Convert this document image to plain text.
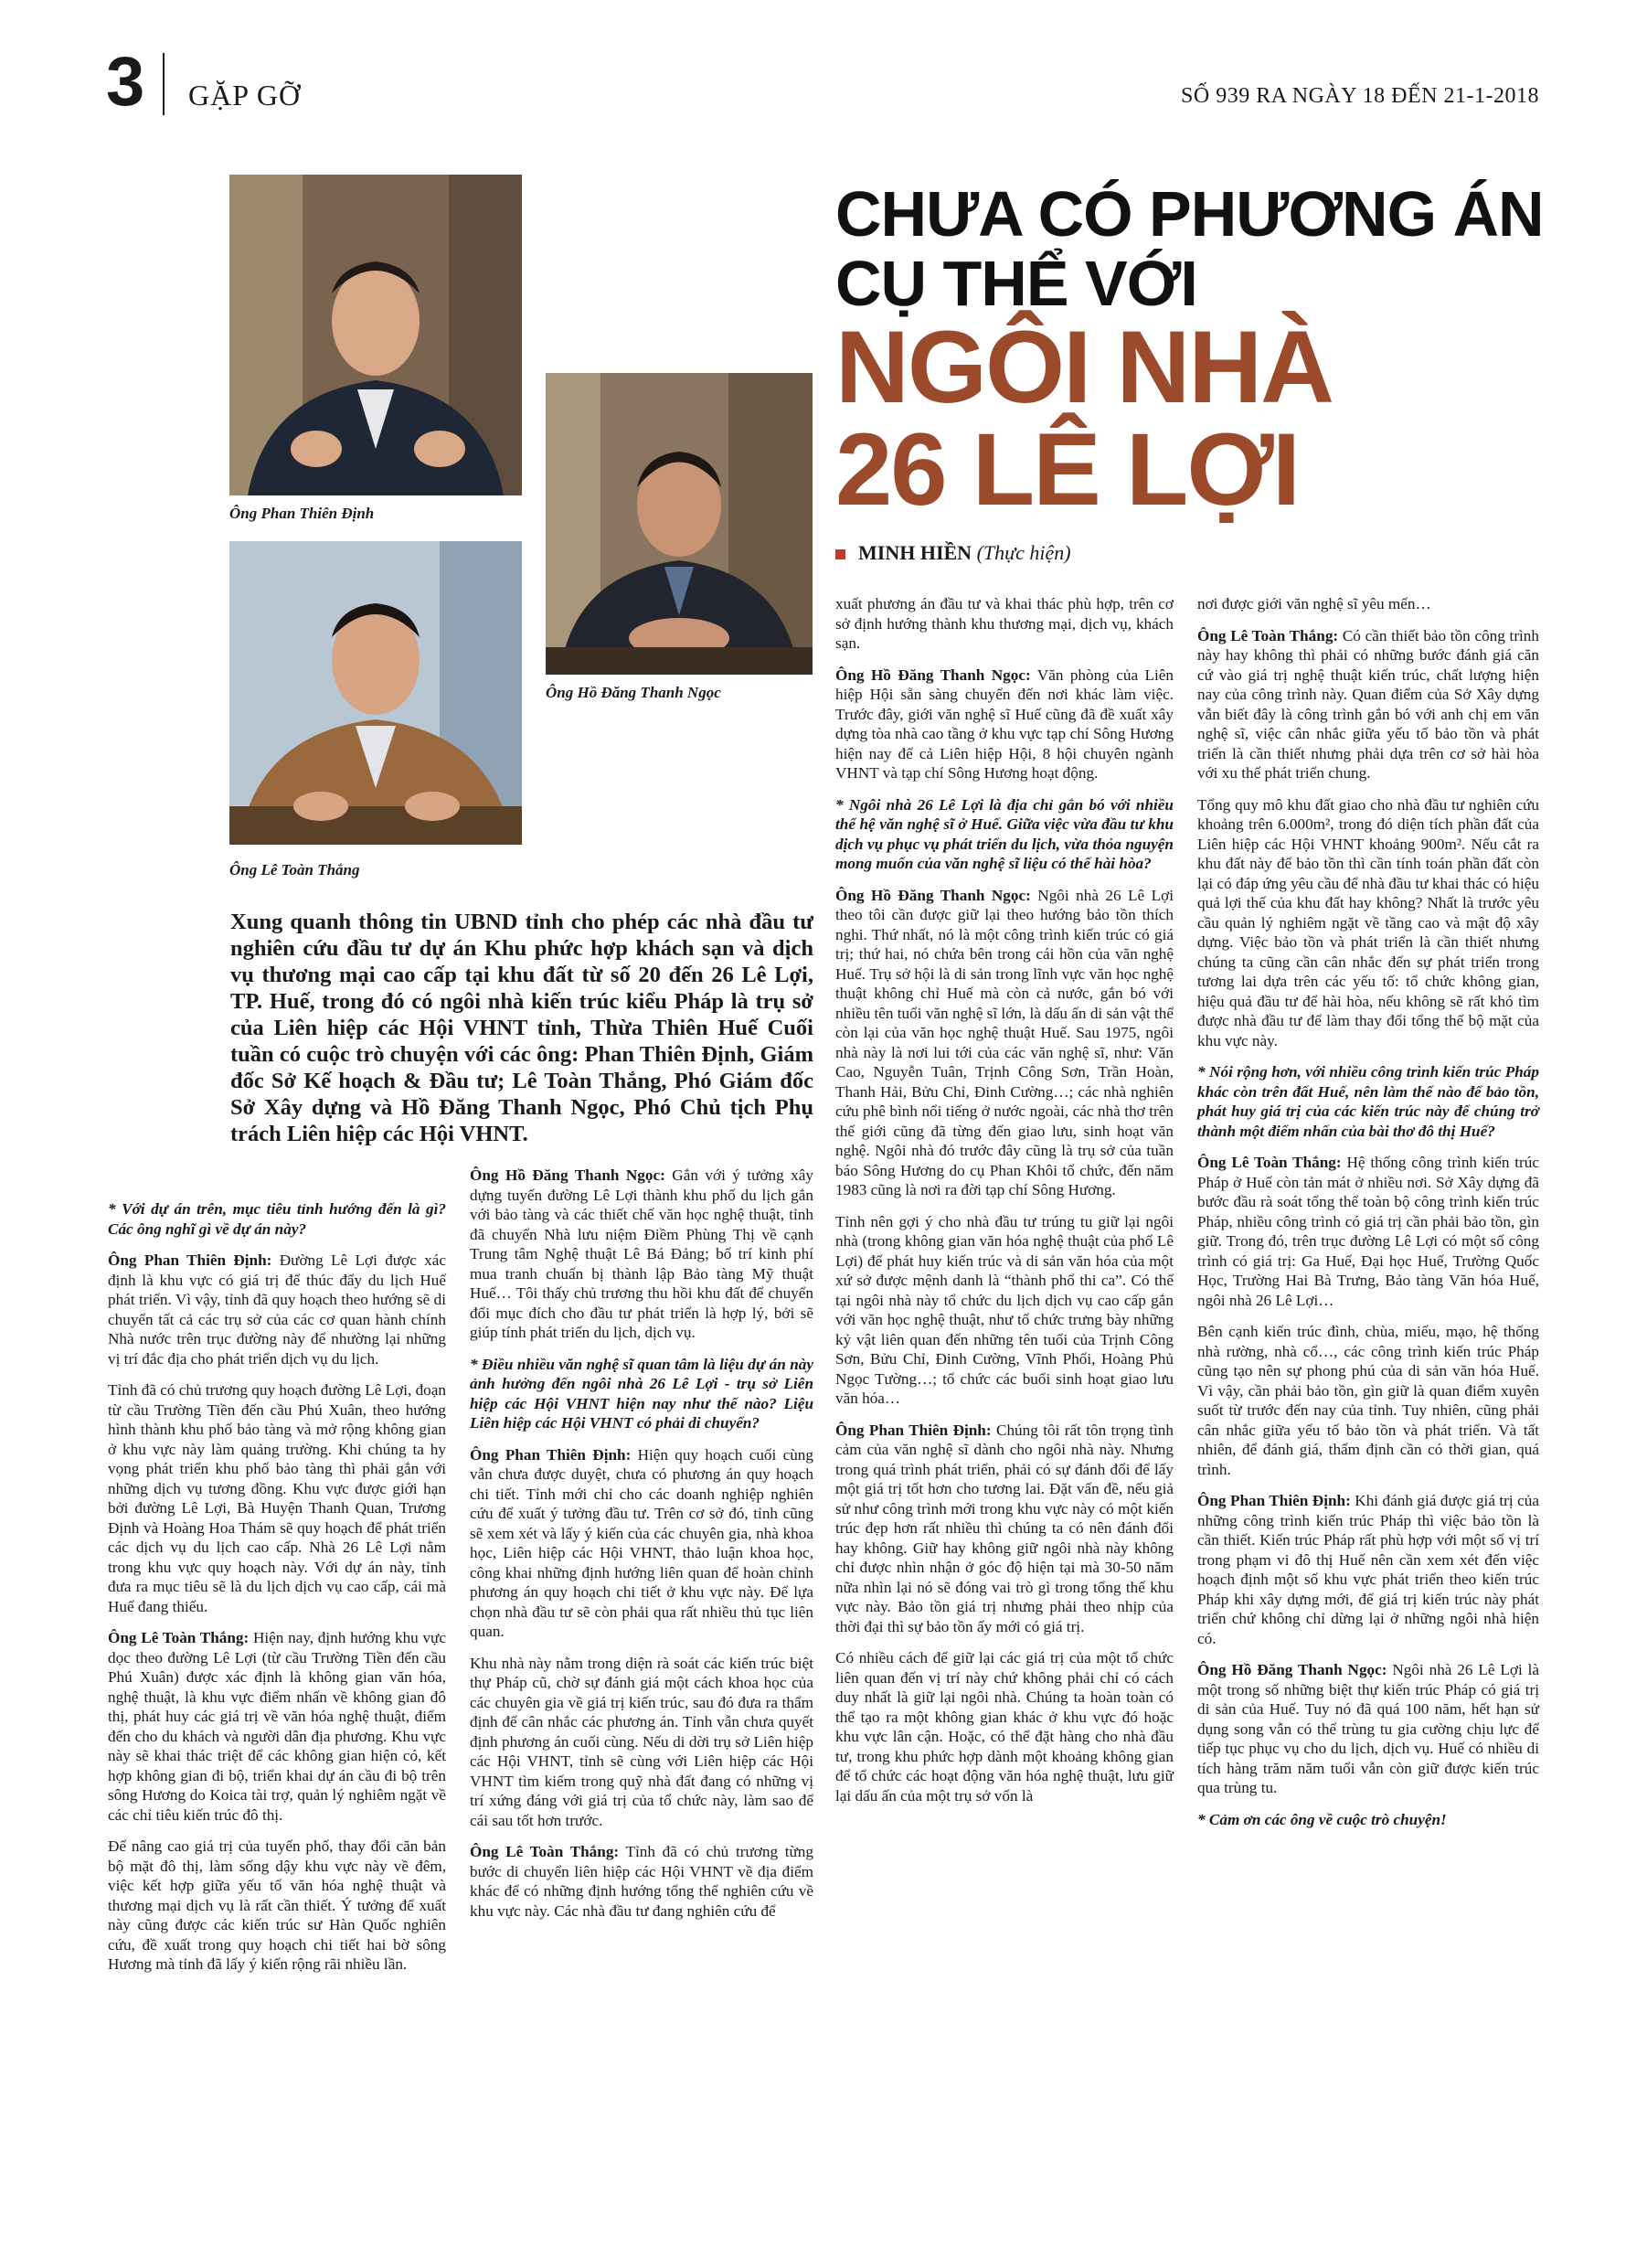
3 GẶP GỠ	SỐ 939 RA NGÀY 18 ĐẾN 21-1-2018
Ông Phan Thiên Định
Ông Hồ Đăng Thanh Ngọc
Ông Lê Toàn Thắng
CHƯA CÓ PHƯƠNG ÁN
CỤ THỂ VỚI
NGÔI NHÀ
26 LÊ LỢI
MINH HIỀN (Thực hiện)
Xung quanh thông tin UBND tỉnh cho phép các nhà đầu tư nghiên cứu đầu tư dự án Khu phức hợp khách sạn và dịch vụ thương mại cao cấp tại khu đất từ số 20 đến 26 Lê Lợi, TP. Huế, trong đó có ngôi nhà kiến trúc kiểu Pháp là trụ sở của Liên hiệp các Hội VHNT tỉnh, Thừa Thiên Huế Cuối tuần có cuộc trò chuyện với các ông: Phan Thiên Định, Giám đốc Sở Kế hoạch & Đầu tư; Lê Toàn Thắng, Phó Giám đốc Sở Xây dựng và Hồ Đăng Thanh Ngọc, Phó Chủ tịch Phụ trách Liên hiệp các Hội VHNT.

* Với dự án trên, mục tiêu tỉnh hướng đến là gì? Các ông nghĩ gì về dự án này?

Ông Phan Thiên Định: Đường Lê Lợi được xác định là khu vực có giá trị để thúc đẩy du lịch Huế phát triển. Vì vậy, tỉnh đã quy hoạch theo hướng sẽ di chuyển tất cả các trụ sở của các cơ quan hành chính Nhà nước trên trục đường này để nhường lại những vị trí đắc địa cho phát triển dịch vụ du lịch.

Tỉnh đã có chủ trương quy hoạch đường Lê Lợi, đoạn từ cầu Trường Tiền đến cầu Phú Xuân, theo hướng hình thành khu phố bảo tàng và mở rộng không gian ở khu vực này làm quảng trường. Khi chúng ta hy vọng phát triển khu phố bảo tàng thì phải gắn với những dịch vụ tương đồng. Khu vực được giới hạn bởi đường Lê Lợi, Bà Huyện Thanh Quan, Trương Định và Hoàng Hoa Thám sẽ quy hoạch để phát triển các dịch vụ du lịch cao cấp. Nhà 26 Lê Lợi nằm trong khu vực quy hoạch này. Với dự án này, tỉnh đưa ra mục tiêu sẽ là du lịch dịch vụ cao cấp, cái mà Huế đang thiếu.

Ông Lê Toàn Thắng: Hiện nay, định hướng khu vực dọc theo đường Lê Lợi (từ cầu Trường Tiền đến cầu Phú Xuân) được xác định là không gian văn hóa, nghệ thuật, là khu vực điểm nhấn về không gian đô thị, phát huy các giá trị về văn hóa nghệ thuật, điểm đến cho du khách và người dân địa phương. Khu vực này sẽ khai thác triệt để các không gian hiện có, kết hợp không gian đi bộ, triển khai dự án cầu đi bộ trên sông Hương do Koica tài trợ, quản lý nghiêm ngặt về các chỉ tiêu kiến trúc đô thị.

Để nâng cao giá trị của tuyến phố, thay đổi căn bản bộ mặt đô thị, làm sống dậy khu vực này về đêm, việc kết hợp giữa yếu tố văn hóa nghệ thuật và thương mại dịch vụ là rất cần thiết. Ý tưởng để xuất này cũng được các kiến trúc sư Hàn Quốc nghiên cứu, đề xuất trong quy hoạch chi tiết hai bờ sông Hương mà tỉnh đã lấy ý kiến rộng rãi nhiều lần.

Ông Hồ Đăng Thanh Ngọc: Gắn với ý tưởng xây dựng tuyến đường Lê Lợi thành khu phố du lịch gắn với bảo tàng và các thiết chế văn học nghệ thuật, tỉnh đã chuyển Nhà lưu niệm Điềm Phùng Thị về cạnh Trung tâm Nghệ thuật Lê Bá Đảng; bố trí kinh phí mua tranh chuẩn bị thành lập Bảo tàng Mỹ thuật Huế… Tôi thấy chủ trương thu hồi khu đất để chuyển đổi mục đích cho đầu tư phát triển là hợp lý, bởi sẽ giúp tính phát triển du lịch, dịch vụ.

* Điều nhiều văn nghệ sĩ quan tâm là liệu dự án này ảnh hưởng đến ngôi nhà 26 Lê Lợi - trụ sở Liên hiệp các Hội VHNT hiện nay như thế nào? Liệu Liên hiệp các Hội VHNT có phải di chuyển?

Ông Phan Thiên Định: Hiện quy hoạch cuối cùng vẫn chưa được duyệt, chưa có phương án quy hoạch chi tiết. Tỉnh mới chỉ cho các doanh nghiệp nghiên cứu để xuất ý tưởng đầu tư. Trên cơ sở đó, tỉnh cũng sẽ xem xét và lấy ý kiến của các chuyên gia, nhà khoa học, Liên hiệp các Hội VHNT, thảo luận khoa học, công khai những định hướng liên quan để hoàn chỉnh phương án quy hoạch chi tiết ở khu vực này. Để lựa chọn nhà đầu tư sẽ còn phải qua rất nhiều thủ tục liên quan.

Khu nhà này nằm trong diện rà soát các kiến trúc biệt thự Pháp cũ, chờ sự đánh giá một cách khoa học của các chuyên gia về giá trị kiến trúc, sau đó đưa ra thẩm định để cân nhắc các phương án. Tỉnh vẫn chưa quyết định phương án cuối cùng. Nếu di dời trụ sở Liên hiệp các Hội VHNT, tỉnh sẽ cùng với Liên hiệp các Hội VHNT tìm kiếm trong quỹ nhà đất đang có những vị trí xứng đáng với giá trị của tổ chức này, làm sao để cái sau tốt hơn trước.

Ông Lê Toàn Thắng: Tỉnh đã có chủ trương từng bước di chuyển liên hiệp các Hội VHNT về địa điểm khác để có những định hướng tổng thể nghiên cứu về khu vực này. Các nhà đầu tư đang nghiên cứu để

xuất phương án đầu tư và khai thác phù hợp, trên cơ sở định hướng thành khu thương mại, dịch vụ, khách sạn.

Ông Hồ Đăng Thanh Ngọc: Văn phòng của Liên hiệp Hội sẵn sàng chuyển đến nơi khác làm việc. Trước đây, giới văn nghệ sĩ Huế cũng đã đề xuất xây dựng tòa nhà cao tầng ở khu vực tạp chí Sông Hương hiện nay để cả Liên hiệp Hội, 8 hội chuyên ngành VHNT và tạp chí Sông Hương hoạt động.

* Ngôi nhà 26 Lê Lợi là địa chỉ gắn bó với nhiều thế hệ văn nghệ sĩ ở Huế. Giữa việc vừa đầu tư khu dịch vụ phục vụ phát triển du lịch, vừa thỏa nguyện mong muốn của văn nghệ sĩ liệu có thể hài hòa?

Ông Hồ Đăng Thanh Ngọc: Ngôi nhà 26 Lê Lợi theo tôi cần được giữ lại theo hướng bảo tồn thích nghi. Thứ nhất, nó là một công trình kiến trúc có giá trị; thứ hai, nó chứa bên trong cái hồn của văn nghệ Huế. Trụ sở hội là di sản trong lĩnh vực văn học nghệ thuật không chỉ Huế mà còn cả nước, gắn bó với nhiều tên tuổi văn nghệ sĩ lớn, là dấu ấn di sản vật thể còn lại của văn học nghệ thuật Huế. Sau 1975, ngôi nhà này là nơi lui tới của các văn nghệ sĩ, như: Văn Cao, Nguyễn Tuân, Trịnh Công Sơn, Trần Hoàn, Thanh Hải, Bửu Chỉ, Đinh Cường…; các nhà nghiên cứu phê bình nổi tiếng ở nước ngoài, các nhà thơ trên thế giới cũng đã từng đến giao lưu, sinh hoạt văn nghệ. Ngôi nhà đó trước đây cũng là trụ sở của tuần báo Sông Hương do cụ Phan Khôi tổ chức, đến năm 1983 cũng là nơi ra đời tạp chí Sông Hương.

Tỉnh nên gợi ý cho nhà đầu tư trúng tu giữ lại ngôi nhà (trong không gian văn hóa nghệ thuật của phố Lê Lợi) để phát huy kiến trúc và di sản văn hóa của một xứ sở được mệnh danh là “thành phố thi ca”. Có thể tại ngôi nhà này tổ chức du lịch dịch vụ cao cấp gắn với văn học nghệ thuật, như tổ chức trưng bày những kỷ vật liên quan đến những tên tuổi của Trịnh Công Sơn, Bửu Chỉ, Đinh Cường, Vĩnh Phối, Hoàng Phủ Ngọc Tường…; tổ chức các buổi sinh hoạt giao lưu văn hóa…

Ông Phan Thiên Định: Chúng tôi rất tôn trọng tình cảm của văn nghệ sĩ dành cho ngôi nhà này. Nhưng trong quá trình phát triển, phải có sự đánh đổi để lấy một giá trị tốt hơn cho tương lai. Đặt vấn đề, nếu giả sử như công trình mới trong khu vực này có một kiến trúc đẹp hơn rất nhiều thì chúng ta có nên đánh đổi hay không. Giữ hay không giữ ngôi nhà này không chỉ được nhìn nhận ở góc độ hiện tại mà 30-50 năm nữa nhìn lại nó sẽ đóng vai trò gì trong tổng thể khu vực này. Bảo tồn giá trị nhưng phải theo nhịp của thời đại thì sự bảo tồn ấy mới có giá trị.

Có nhiều cách để giữ lại các giá trị của một tổ chức liên quan đến vị trí này chứ không phải chỉ có cách duy nhất là giữ lại ngôi nhà. Chúng ta hoàn toàn có thể tạo ra một không gian khác ở khu vực đó hoặc khu vực lân cận. Hoặc, có thể đặt hàng cho nhà đầu tư, trong khu phức hợp dành một khoảng không gian để tổ chức các hoạt động văn hóa nghệ thuật, lưu giữ lại dấu ấn của một trụ sở vốn là

nơi được giới văn nghệ sĩ yêu mến…

Ông Lê Toàn Thắng: Có cần thiết bảo tồn công trình này hay không thì phải có những bước đánh giá căn cứ vào giá trị nghệ thuật kiến trúc, chất lượng hiện nay của công trình này. Quan điểm của Sở Xây dựng vẫn biết đây là công trình gắn bó với anh chị em văn nghệ sĩ, việc cân nhắc giữa yếu tố bảo tồn và phát triển là cần thiết nhưng phải dựa trên cơ sở hài hòa với xu thế phát triển chung.

Tổng quy mô khu đất giao cho nhà đầu tư nghiên cứu khoảng trên 6.000m², trong đó diện tích phần đất của Liên hiệp các Hội VHNT khoảng 900m². Nếu cắt ra khu đất này để bảo tồn thì cần tính toán phần đất còn lại có đáp ứng yêu cầu để nhà đầu tư khai thác có hiệu quả lợi thế của khu đất hay không? Nhất là trước yêu cầu quản lý nghiêm ngặt về tầng cao và mật độ xây dựng. Việc bảo tồn và phát triển là cần thiết nhưng chúng ta cũng cần cân nhắc đến sự phát triển trong tương lai dựa trên các yếu tố: tổ chức không gian, hiệu quả đầu tư để hài hòa, nếu không sẽ rất khó tìm được nhà đầu tư để làm thay đổi tổng thể bộ mặt của khu vực này.

* Nói rộng hơn, với nhiều công trình kiến trúc Pháp khác còn trên đất Huế, nên làm thế nào để bảo tồn, phát huy giá trị của các kiến trúc này để chúng trở thành một điểm nhấn của bài thơ đô thị Huế?

Ông Lê Toàn Thắng: Hệ thống công trình kiến trúc Pháp ở Huế còn tản mát ở nhiều nơi. Sở Xây dựng đã bước đầu rà soát tổng thể toàn bộ công trình kiến trúc Pháp, nhiều công trình có giá trị cần phải bảo tồn, gìn giữ. Trong đó, trên trục đường Lê Lợi có một số công trình có giá trị: Ga Huế, Đại học Huế, Trường Quốc Học, Trường Hai Bà Trưng, Bảo tàng Văn hóa Huế, ngôi nhà 26 Lê Lợi…

Bên cạnh kiến trúc đình, chùa, miếu, mạo, hệ thống nhà rường, nhà cổ…, các công trình kiến trúc Pháp cũng tạo nên sự phong phú của di sản văn hóa Huế. Vì vậy, cần phải bảo tồn, gìn giữ là quan điểm xuyên suốt từ trước đến nay của tỉnh. Tuy nhiên, cũng phải cân nhắc giữa yếu tố bảo tồn và phát triển. Và tất nhiên, để đánh giá, thẩm định cần có thời gian, quá trình.

Ông Phan Thiên Định: Khi đánh giá được giá trị của những công trình kiến trúc Pháp thì việc bảo tồn là cần thiết. Kiến trúc Pháp rất phù hợp với một số vị trí trong phạm vi đô thị Huế nên cần xem xét đến việc hoạch định một số khu vực phát triển theo kiến trúc Pháp khi xây dựng mới, để giá trị kiến trúc này phát triển chứ không chỉ dừng lại ở những ngôi nhà hiện có.

Ông Hồ Đăng Thanh Ngọc: Ngôi nhà 26 Lê Lợi là một trong số những biệt thự kiến trúc Pháp có giá trị di sản của Huế. Tuy nó đã quá 100 năm, hết hạn sử dụng song vẫn có thể trùng tu gia cường chịu lực để tiếp tục phục vụ cho du lịch, dịch vụ. Huế có nhiều di tích hàng trăm năm tuổi vẫn còn giữ được kiến trúc qua trùng tu.

* Cảm ơn các ông về cuộc trò chuyện!
